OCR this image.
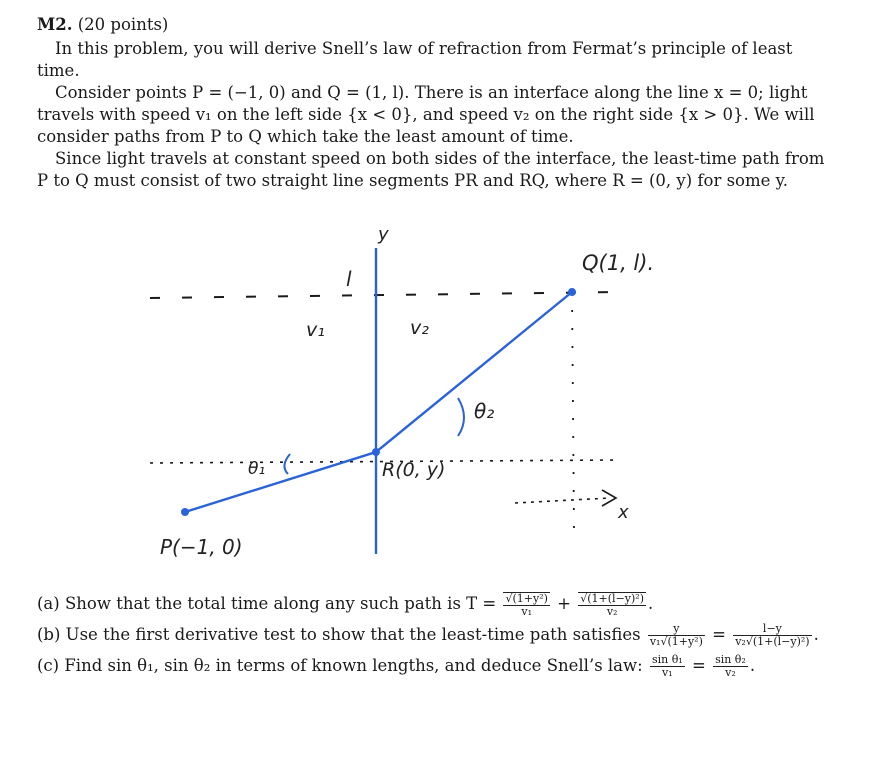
M2. (20 points)

In this problem, you will derive Snell’s law of refraction from Fermat’s principle of least time.

Consider points P = (−1, 0) and Q = (1, l). There is an interface along the line x = 0; light travels with speed v₁ on the left side {x < 0}, and speed v₂ on the right side {x > 0}. We will consider paths from P to Q which take the least amount of time.

Since light travels at constant speed on both sides of the interface, the least-time path from P to Q must consist of two straight line segments PR and RQ, where R = (0, y) for some y.

y
l
Q(1, l).
v₁	v₂
θ₂
θ₁	R(0, y)
x
P(−1, 0)
(a) Show that the total time along any such path is $T = \frac{\text{√(1+y²)}}{\text{v₁}} + \frac{\text{√(1+(l−y)²)}}{\text{v₂}}$ .
(b) Use the first derivative test to show that the least-time path satisfies $\frac{y}{\text{v₁√(1+y²)}} = \frac{l-y}{\text{v₂√(1+(l−y)²)}}$ .
(c) Find sin θ₁, sin θ₂ in terms of known lengths, and deduce Snell’s law: $\frac{\text{sin θ₁}}{\text{v₁}} = \frac{\text{sin θ₂}}{\text{v₂}}$ .
